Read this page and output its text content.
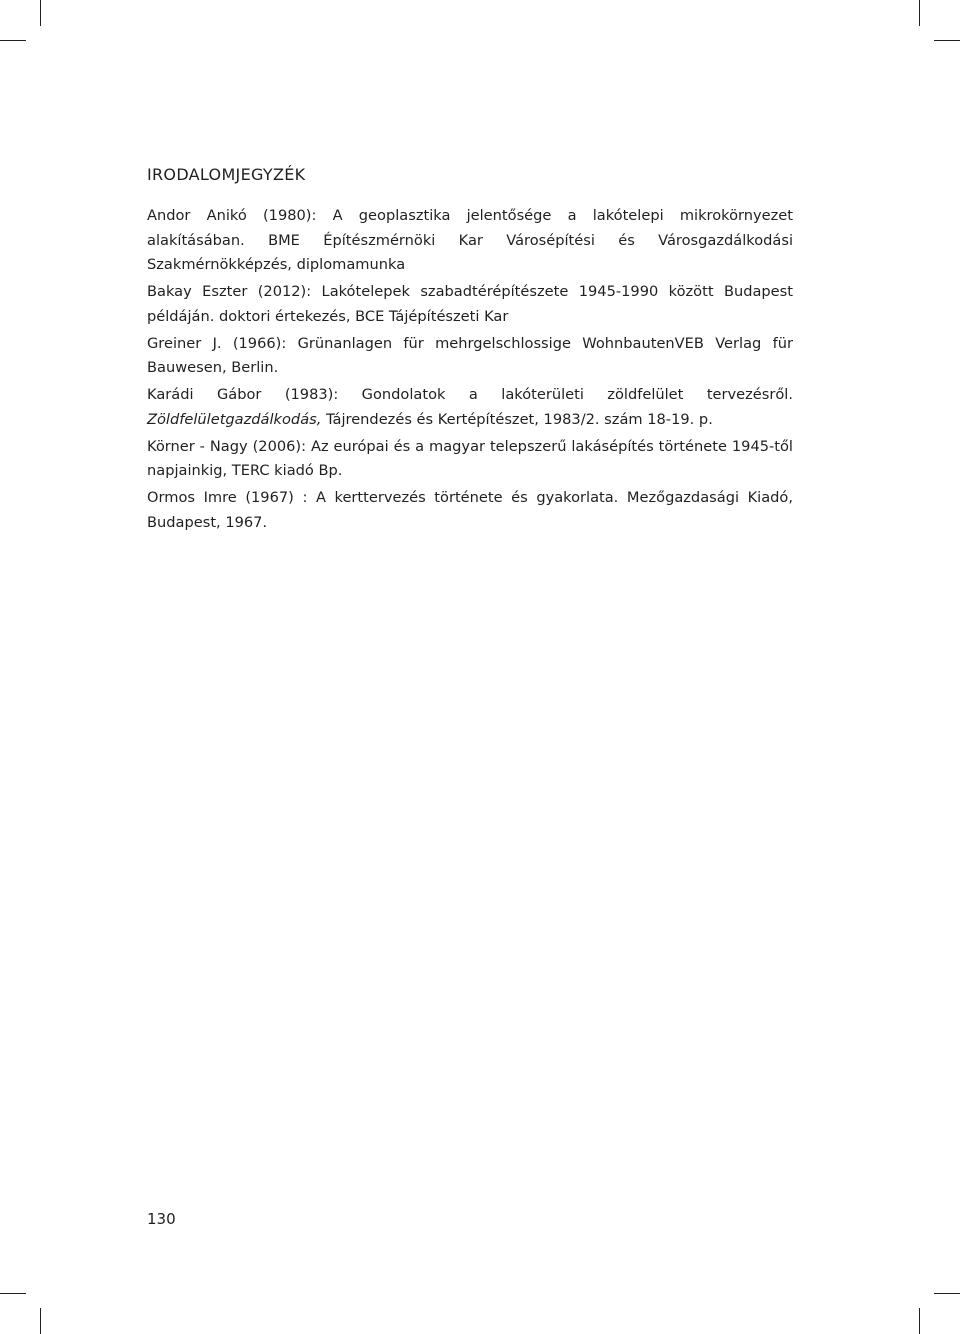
IRODALOMJEGYZÉK

Andor Anikó (1980): A geoplasztika jelentősége a lakótelepi mikrokörnyezet alakításában. BME Építészmérnöki Kar Városépítési és Városgazdálkodási Szakmérnökképzés, diplomamunka

Bakay Eszter (2012): Lakótelepek szabadtérépítészete 1945-1990 között Budapest példáján. doktori értekezés, BCE Tájépítészeti Kar

Greiner J. (1966): Grünanlagen für mehrgelschlossige WohnbautenVEB Verlag für Bauwesen, Berlin.

Karádi Gábor (1983): Gondolatok a lakóterületi zöldfelület tervezésről. Zöldfelületgazdálkodás, Tájrendezés és Kertépítészet, 1983/2. szám 18-19. p.

Körner - Nagy (2006): Az európai és a magyar telepszerű lakásépítés története 1945-től napjainkig, TERC kiadó Bp.

Ormos Imre (1967) : A kerttervezés története és gyakorlata. Mezőgazdasági Kiadó, Budapest, 1967.

130
